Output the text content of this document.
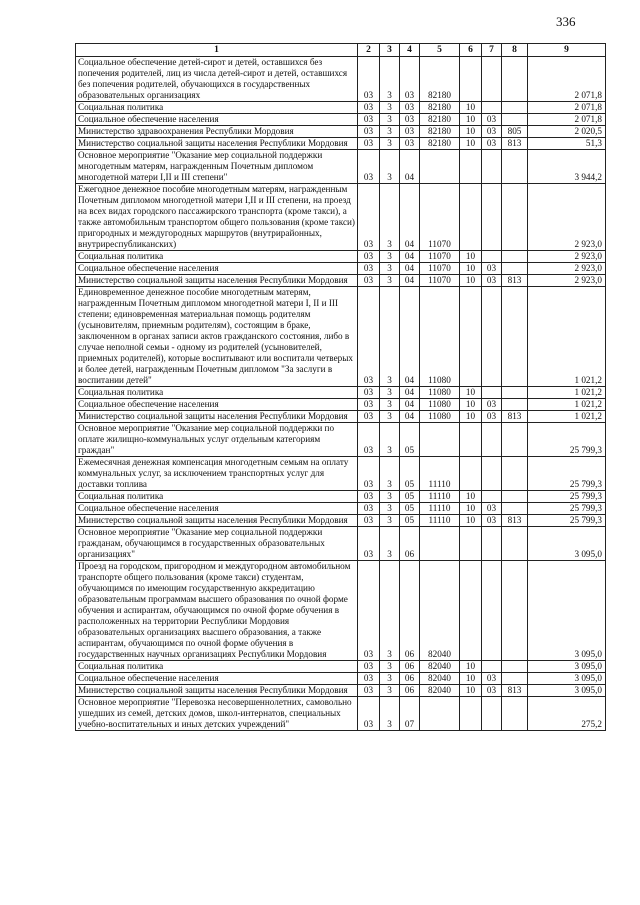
336
1	2	3	4	5	6	7	8	9
Социальное обеспечение детей-сирот и детей, оставшихся без попечения родителей, лиц из числа детей-сирот и детей, оставшихся без попечения родителей, обучающихся в государственных образовательных организациях	03	3	03	82180				2 071,8
Социальная политика	03	3	03	82180	10			2 071,8
Социальное обеспечение населения	03	3	03	82180	10	03		2 071,8
Министерство здравоохранения Республики Мордовия	03	3	03	82180	10	03	805	2 020,5
Министерство социальной защиты населения Республики Мордовия	03	3	03	82180	10	03	813	51,3
Основное мероприятие "Оказание мер социальной поддержки многодетным матерям, награжденным Почетным дипломом многодетной матери I,II и III степени"	03	3	04					3 944,2
Ежегодное денежное пособие многодетным матерям, награжденным Почетным дипломом многодетной матери I,II и III степени, на проезд на всех видах городского пассажирского транспорта (кроме такси), а также автомобильным транспортом общего пользования (кроме такси) пригородных и междугородных маршрутов (внутрирайонных, внутриреспубликанских)	03	3	04	11070				2 923,0
Социальная политика	03	3	04	11070	10			2 923,0
Социальное обеспечение населения	03	3	04	11070	10	03		2 923,0
Министерство социальной защиты населения Республики Мордовия	03	3	04	11070	10	03	813	2 923,0
Единовременное денежное пособие многодетным матерям, награжденным Почетным дипломом многодетной матери I, II и III степени; единовременная материальная помощь родителям (усыновителям, приемным родителям), состоящим в браке, заключенном в органах записи актов гражданского состояния, либо в случае неполной семьи - одному из родителей (усыновителей, приемных родителей), которые воспитывают или воспитали четверых и более детей, награжденным Почетным дипломом "За заслуги в воспитании детей"	03	3	04	11080				1 021,2
Социальная политика	03	3	04	11080	10			1 021,2
Социальное обеспечение населения	03	3	04	11080	10	03		1 021,2
Министерство социальной защиты населения Республики Мордовия	03	3	04	11080	10	03	813	1 021,2
Основное мероприятие "Оказание мер социальной поддержки по оплате жилищно-коммунальных услуг отдельным категориям граждан"	03	3	05					25 799,3
Ежемесячная денежная компенсация многодетным семьям на оплату коммунальных услуг, за исключением транспортных услуг для доставки топлива	03	3	05	11110				25 799,3
Социальная политика	03	3	05	11110	10			25 799,3
Социальное обеспечение населения	03	3	05	11110	10	03		25 799,3
Министерство социальной защиты населения Республики Мордовия	03	3	05	11110	10	03	813	25 799,3
Основное мероприятие "Оказание мер социальной поддержки гражданам, обучающимся в государственных образовательных организациях"	03	3	06					3 095,0
Проезд на городском, пригородном и междугородном автомобильном транспорте общего пользования (кроме такси) студентам, обучающимся по имеющим государственную аккредитацию образовательным программам высшего образования по очной форме обучения и аспирантам, обучающимся по очной форме обучения в расположенных на территории Республики Мордовия образовательных организациях высшего образования, а также аспирантам, обучающимся по очной форме обучения в государственных научных организациях Республики Мордовия	03	3	06	82040				3 095,0
Социальная политика	03	3	06	82040	10			3 095,0
Социальное обеспечение населения	03	3	06	82040	10	03		3 095,0
Министерство социальной защиты населения Республики Мордовия	03	3	06	82040	10	03	813	3 095,0
Основное мероприятие "Перевозка несовершеннолетних, самовольно ушедших из семей, детских домов, школ-интернатов, специальных учебно-воспитательных и иных детских учреждений"	03	3	07					275,2
